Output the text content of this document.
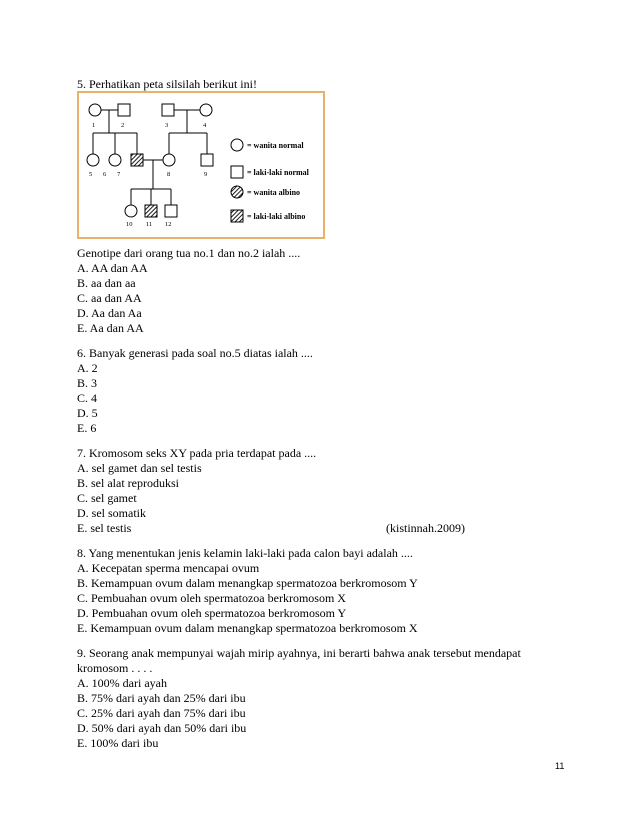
5. Perhatikan peta silsilah berikut ini!
1	2	3	4
5 6 7	8	9
10 11 12
= wanita normal
= laki-laki normal
= wanita albino
= laki-laki albino
Genotipe dari orang tua no.1 dan no.2 ialah ....
A. AA dan AA
B. aa dan aa
C. aa dan AA
D. Aa dan Aa
E. Aa dan AA
6. Banyak generasi pada soal no.5 diatas ialah ....
A. 2
B. 3
C. 4
D. 5
E. 6
7. Kromosom seks XY pada pria terdapat pada ....
A. sel gamet dan sel testis
B. sel alat reproduksi
C. sel gamet
D. sel somatik
E. sel testis	(kistinnah.2009)
8. Yang menentukan jenis kelamin laki-laki pada calon bayi adalah ....
A. Kecepatan sperma mencapai ovum
B. Kemampuan ovum dalam menangkap spermatozoa berkromosom Y
C. Pembuahan ovum oleh spermatozoa berkromosom X
D. Pembuahan ovum oleh spermatozoa berkromosom Y
E. Kemampuan ovum dalam menangkap spermatozoa berkromosom X
9. Seorang anak mempunyai wajah mirip ayahnya, ini berarti bahwa anak tersebut mendapat
kromosom . . . .
A. 100% dari ayah
B. 75% dari ayah dan 25% dari ibu
C. 25% dari ayah dan 75% dari ibu
D. 50% dari ayah dan 50% dari ibu
E. 100% dari ibu
11
